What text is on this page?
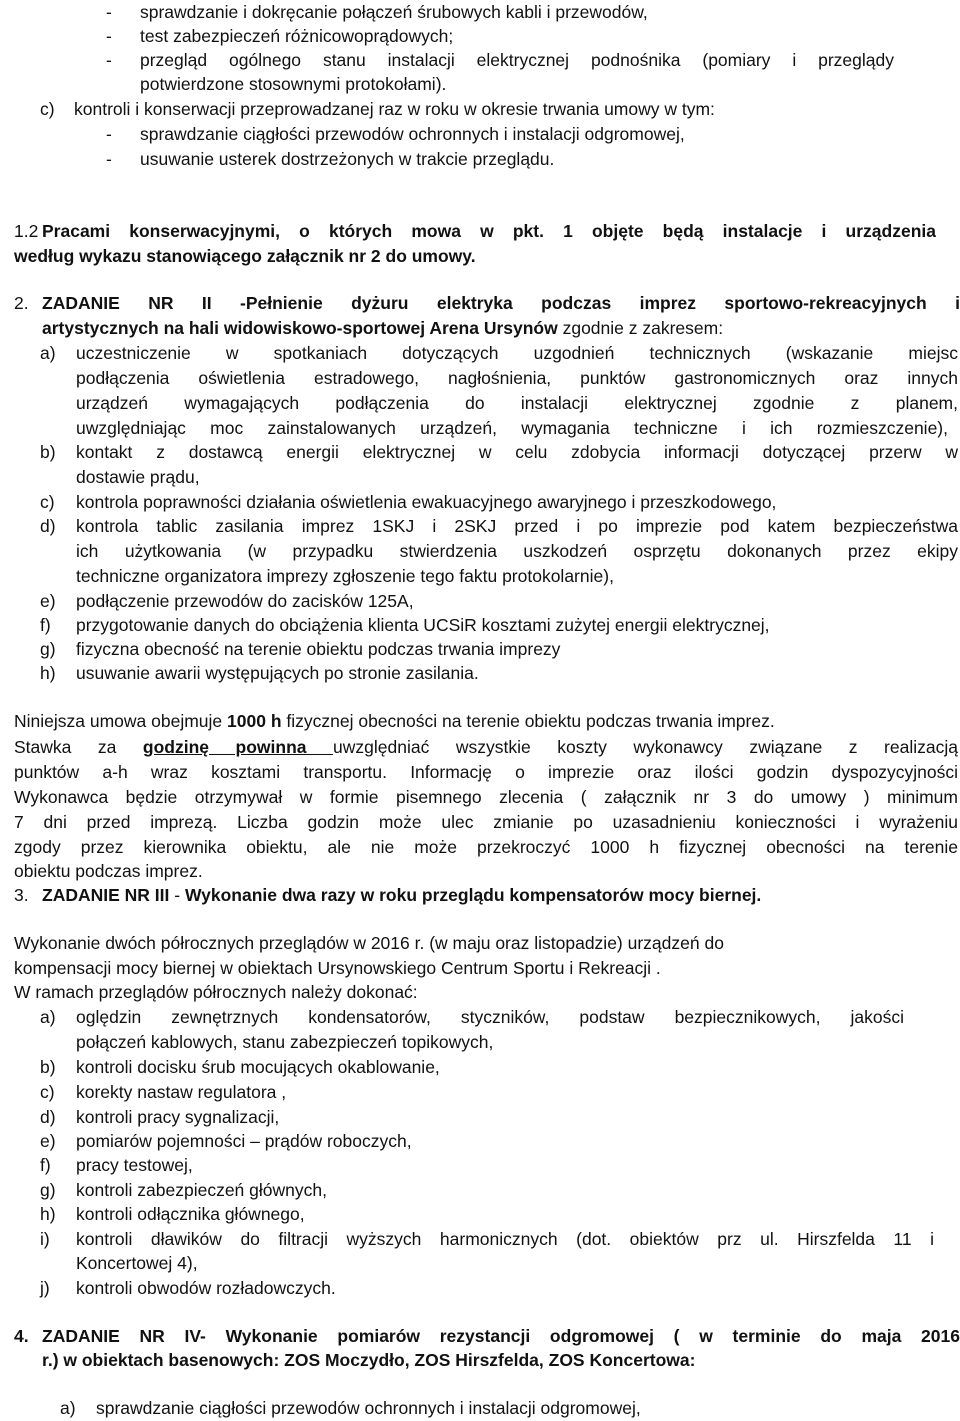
- sprawdzanie i dokręcanie połączeń śrubowych kabli i przewodów,
- test zabezpieczeń różnicowoprądowych;
- przegląd ogólnego stanu instalacji elektrycznej podnośnika (pomiary i przeglądy
potwierdzone stosownymi protokołami).
c) kontroli i konserwacji przeprowadzanej raz w roku w okresie trwania umowy w tym:
- sprawdzanie ciągłości przewodów ochronnych i instalacji odgromowej,
- usuwanie usterek dostrzeżonych w trakcie przeglądu.
1.2 Pracami konserwacyjnymi, o których mowa w pkt. 1 objęte będą instalacje i urządzenia
według wykazu stanowiącego załącznik nr 2 do umowy.
2. ZADANIE NR II -Pełnienie dyżuru elektryka podczas imprez sportowo-rekreacyjnych i
artystycznych na hali widowiskowo-sportowej Arena Ursynów zgodnie z zakresem:
a) uczestniczenie w spotkaniach dotyczących uzgodnień technicznych (wskazanie miejsc
podłączenia oświetlenia estradowego, nagłośnienia, punktów gastronomicznych oraz innych
urządzeń wymagających podłączenia do instalacji elektrycznej zgodnie z planem,
uwzględniając moc zainstalowanych urządzeń, wymagania techniczne i ich rozmieszczenie),
b) kontakt z dostawcą energii elektrycznej w celu zdobycia informacji dotyczącej przerw w
dostawie prądu,
c) kontrola poprawności działania oświetlenia ewakuacyjnego awaryjnego i przeszkodowego,
d) kontrola tablic zasilania imprez 1SKJ i 2SKJ przed i po imprezie pod katem bezpieczeństwa
ich użytkowania (w przypadku stwierdzenia uszkodzeń osprzętu dokonanych przez ekipy
techniczne organizatora imprezy zgłoszenie tego faktu protokolarnie),
e) podłączenie przewodów do zacisków 125A,
f) przygotowanie danych do obciążenia klienta UCSiR kosztami zużytej energii elektrycznej,
g) fizyczna obecność na terenie obiektu podczas trwania imprezy
h) usuwanie awarii występujących po stronie zasilania.
Niniejsza umowa obejmuje 1000 h fizycznej obecności na terenie obiektu podczas trwania imprez.
Stawka za godzinę powinna uwzględniać wszystkie koszty wykonawcy związane z realizacją
punktów a-h wraz kosztami transportu. Informację o imprezie oraz ilości godzin dyspozycyjności
Wykonawca będzie otrzymywał w formie pisemnego zlecenia ( załącznik nr 3 do umowy ) minimum
7 dni przed imprezą. Liczba godzin może ulec zmianie po uzasadnieniu konieczności i wyrażeniu
zgody przez kierownika obiektu, ale nie może przekroczyć 1000 h fizycznej obecności na terenie
obiektu podczas imprez.
3. ZADANIE NR III - Wykonanie dwa razy w roku przeglądu kompensatorów mocy biernej.
Wykonanie dwóch półrocznych przeglądów w 2016 r. (w maju oraz listopadzie) urządzeń do
kompensacji mocy biernej w obiektach Ursynowskiego Centrum Sportu i Rekreacji .
W ramach przeglądów półrocznych należy dokonać:
a) oględzin zewnętrznych kondensatorów, styczników, podstaw bezpiecznikowych, jakości
połączeń kablowych, stanu zabezpieczeń topikowych,
b) kontroli docisku śrub mocujących okablowanie,
c) korekty nastaw regulatora ,
d) kontroli pracy sygnalizacji,
e) pomiarów pojemności – prądów roboczych,
f) pracy testowej,
g) kontroli zabezpieczeń głównych,
h) kontroli odłącznika głównego,
i) kontroli dławików do filtracji wyższych harmonicznych (dot. obiektów prz ul. Hirszfelda 11 i
Koncertowej 4),
j) kontroli obwodów rozładowczych.
4. ZADANIE NR IV- Wykonanie pomiarów rezystancji odgromowej ( w terminie do maja 2016
r.) w obiektach basenowych: ZOS Moczydło, ZOS Hirszfelda, ZOS Koncertowa:
a) sprawdzanie ciągłości przewodów ochronnych i instalacji odgromowej,
